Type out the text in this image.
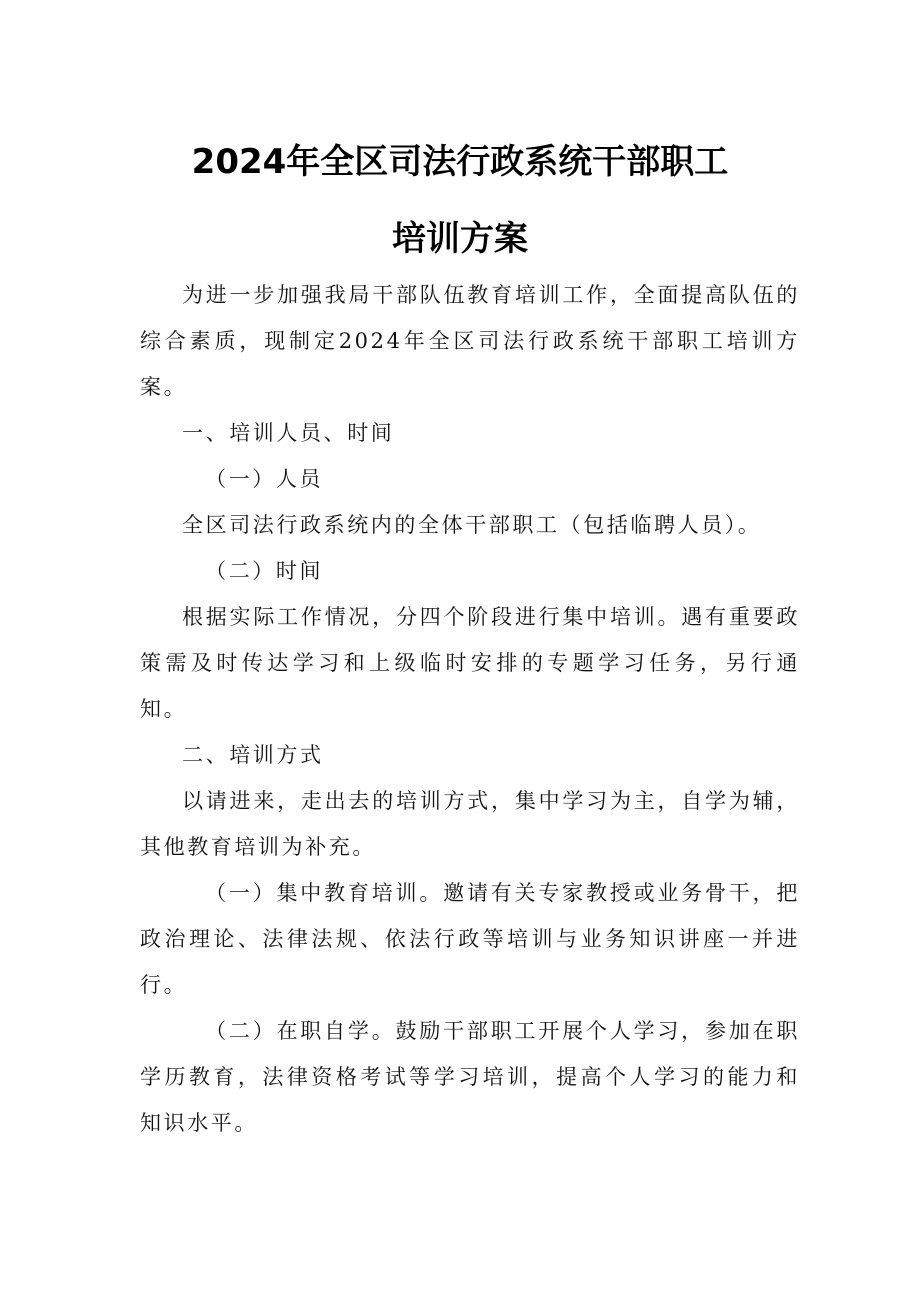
2024年全区司法行政系统干部职工
培训方案

为进一步加强我局干部队伍教育培训工作，全面提高队伍的综合素质，现制定2024年全区司法行政系统干部职工培训方案。

一、培训人员、时间

（一）人员

全区司法行政系统内的全体干部职工（包括临聘人员）。

（二）时间

根据实际工作情况，分四个阶段进行集中培训。遇有重要政策需及时传达学习和上级临时安排的专题学习任务，另行通知。

二、培训方式

以请进来，走出去的培训方式，集中学习为主，自学为辅，其他教育培训为补充。

（一）集中教育培训。邀请有关专家教授或业务骨干，把政治理论、法律法规、依法行政等培训与业务知识讲座一并进行。

（二）在职自学。鼓励干部职工开展个人学习，参加在职学历教育，法律资格考试等学习培训，提高个人学习的能力和知识水平。
